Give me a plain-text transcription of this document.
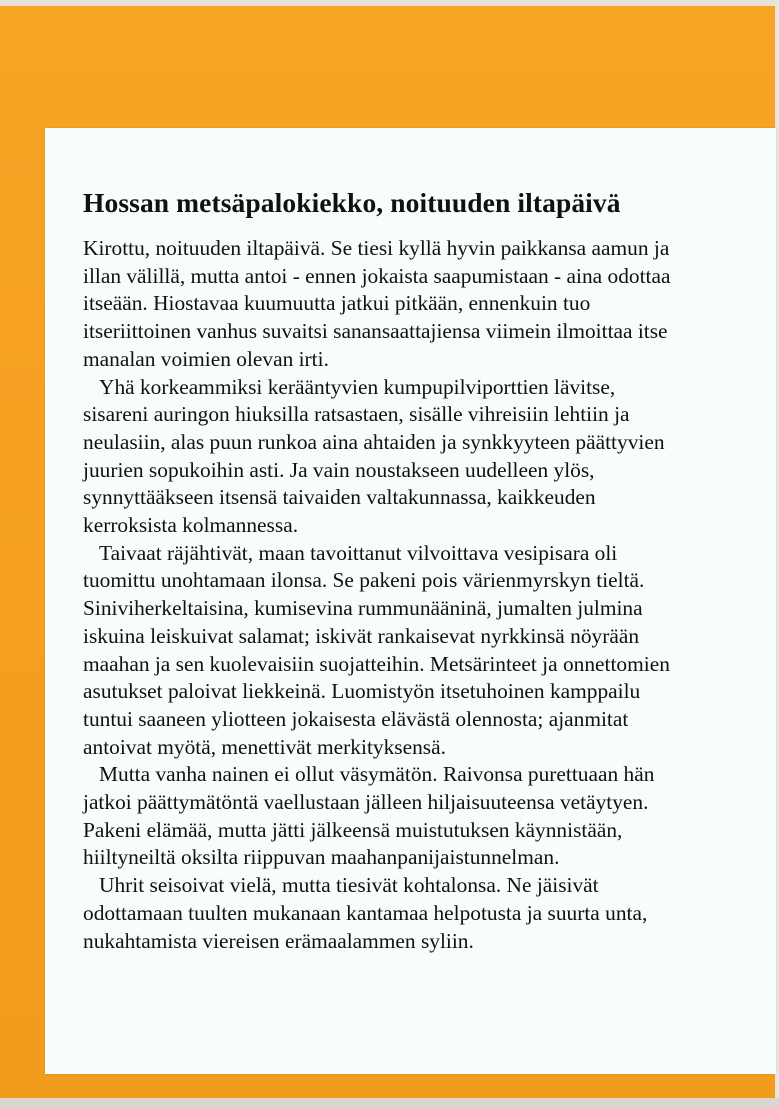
Hossan metsäpalokiekko, noituuden iltapäivä

Kirottu, noituuden iltapäivä. Se tiesi kyllä hyvin paikkansa aamun ja
illan välillä, mutta antoi - ennen jokaista saapumistaan - aina odottaa
itseään. Hiostavaa kuumuutta jatkui pitkään, ennenkuin tuo
itseriittoinen vanhus suvaitsi sanansaattajiensa viimein ilmoittaa itse
manalan voimien olevan irti.

Yhä korkeammiksi kerääntyvien kumpupilviporttien lävitse,
sisareni auringon hiuksilla ratsastaen, sisälle vihreisiin lehtiin ja
neulasiin, alas puun runkoa aina ahtaiden ja synkkyyteen päättyvien
juurien sopukoihin asti. Ja vain noustakseen uudelleen ylös,
synnyttääkseen itsensä taivaiden valtakunnassa, kaikkeuden
kerroksista kolmannessa.

Taivaat räjähtivät, maan tavoittanut vilvoittava vesipisara oli
tuomittu unohtamaan ilonsa. Se pakeni pois värienmyrskyn tieltä.
Siniviherkeltaisina, kumisevina rummunääninä, jumalten julmina
iskuina leiskuivat salamat; iskivät rankaisevat nyrkkinsä nöyrään
maahan ja sen kuolevaisiin suojatteihin. Metsärinteet ja onnettomien
asutukset paloivat liekkeinä. Luomistyön itsetuhoinen kamppailu
tuntui saaneen yliotteen jokaisesta elävästä olennosta; ajanmitat
antoivat myötä, menettivät merkityksensä.

Mutta vanha nainen ei ollut väsymätön. Raivonsa purettuaan hän
jatkoi päättymätöntä vaellustaan jälleen hiljaisuuteensa vetäytyen.
Pakeni elämää, mutta jätti jälkeensä muistutuksen käynnistään,
hiiltyneiltä oksilta riippuvan maahanpanijaistunnelman.

Uhrit seisoivat vielä, mutta tiesivät kohtalonsa. Ne jäisivät
odottamaan tuulten mukanaan kantamaa helpotusta ja suurta unta,
nukahtamista viereisen erämaalammen syliin.
